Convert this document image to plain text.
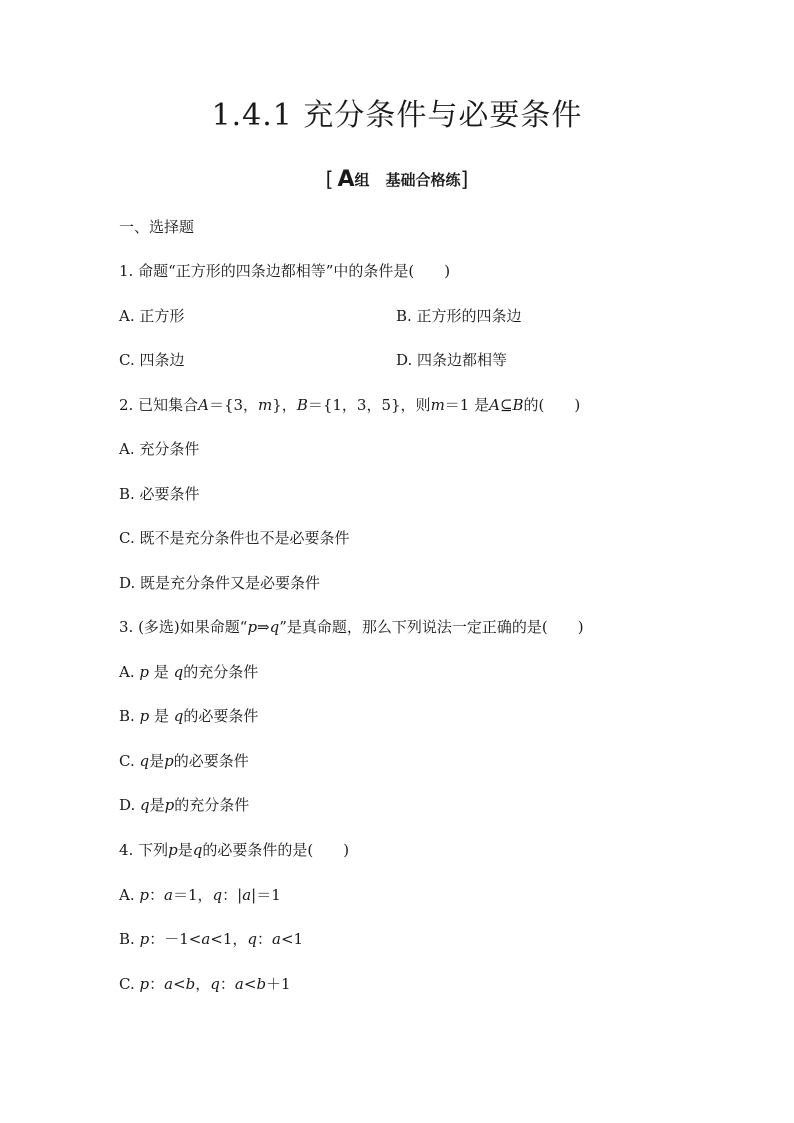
1.4.1 充分条件与必要条件
[ A组 基础合格练]
一、选择题
1. 命题“正方形的四条边都相等”中的条件是( )
A. 正方形	B. 正方形的四条边
C. 四条边	D. 四条边都相等
2. 已知集合A＝{3，m}，B＝{1，3，5}，则m＝1 是A⊆B的( )
A. 充分条件
B. 必要条件
C. 既不是充分条件也不是必要条件
D. 既是充分条件又是必要条件
3. (多选)如果命题“p⇒q”是真命题，那么下列说法一定正确的是( )
A. p 是 q的充分条件
B. p 是 q的必要条件
C. q是p的必要条件
D. q是p的充分条件
4. 下列p是q的必要条件的是( )
A. p：a＝1，q：|a|＝1
B. p：－1<a<1，q：a<1
C. p：a<b，q：a<b＋1
